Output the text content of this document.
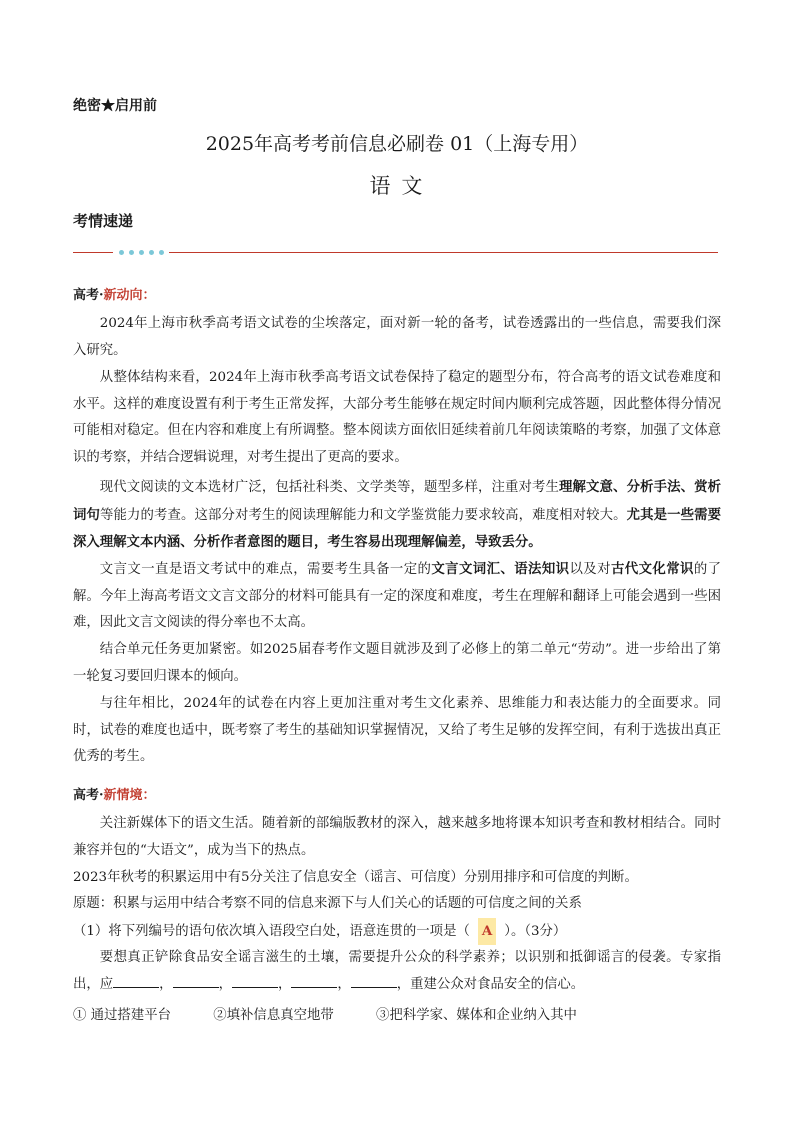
绝密★启用前
2025年高考考前信息必刷卷 01（上海专用）
语 文
考情速递
高考·新动向：

2024年上海市秋季高考语文试卷的尘埃落定，面对新一轮的备考，试卷透露出的一些信息，需要我们深入研究。

从整体结构来看，2024年上海市秋季高考语文试卷保持了稳定的题型分布，符合高考的语文试卷难度和水平。这样的难度设置有利于考生正常发挥，大部分考生能够在规定时间内顺利完成答题，因此整体得分情况可能相对稳定。但在内容和难度上有所调整。整本阅读方面依旧延续着前几年阅读策略的考察，加强了文体意识的考察，并结合逻辑说理，对考生提出了更高的要求。

现代文阅读的文本选材广泛，包括社科类、文学类等，题型多样，注重对考生理解文意、分析手法、赏析词句等能力的考查。这部分对考生的阅读理解能力和文学鉴赏能力要求较高，难度相对较大。尤其是一些需要深入理解文本内涵、分析作者意图的题目，考生容易出现理解偏差，导致丢分。

文言文一直是语文考试中的难点，需要考生具备一定的文言文词汇、语法知识以及对古代文化常识的了解。今年上海高考语文文言文部分的材料可能具有一定的深度和难度，考生在理解和翻译上可能会遇到一些困难，因此文言文阅读的得分率也不太高。

结合单元任务更加紧密。如2025届春考作文题目就涉及到了必修上的第二单元“劳动”。进一步给出了第一轮复习要回归课本的倾向。

与往年相比，2024年的试卷在内容上更加注重对考生文化素养、思维能力和表达能力的全面要求。同时，试卷的难度也适中，既考察了考生的基础知识掌握情况，又给了考生足够的发挥空间，有利于选拔出真正优秀的考生。

高考·新情境：

关注新媒体下的语文生活。随着新的部编版教材的深入，越来越多地将课本知识考查和教材相结合。同时兼容并包的“大语文”，成为当下的热点。

2023年秋考的积累运用中有5分关注了信息安全（谣言、可信度）分别用排序和可信度的判断。

原题：积累与运用中结合考察不同的信息来源下与人们关心的话题的可信度之间的关系

（1）将下列编号的语句依次填入语段空白处，语意连贯的一项是（ A ）。（3分）

要想真正铲除食品安全谣言滋生的土壤，需要提升公众的科学素养；以识别和抵御谣言的侵袭。专家指出，应	，	，	，	，	，重建公众对食品安全的信心。

① 通过搭建平台	②填补信息真空地带	③把科学家、媒体和企业纳入其中
